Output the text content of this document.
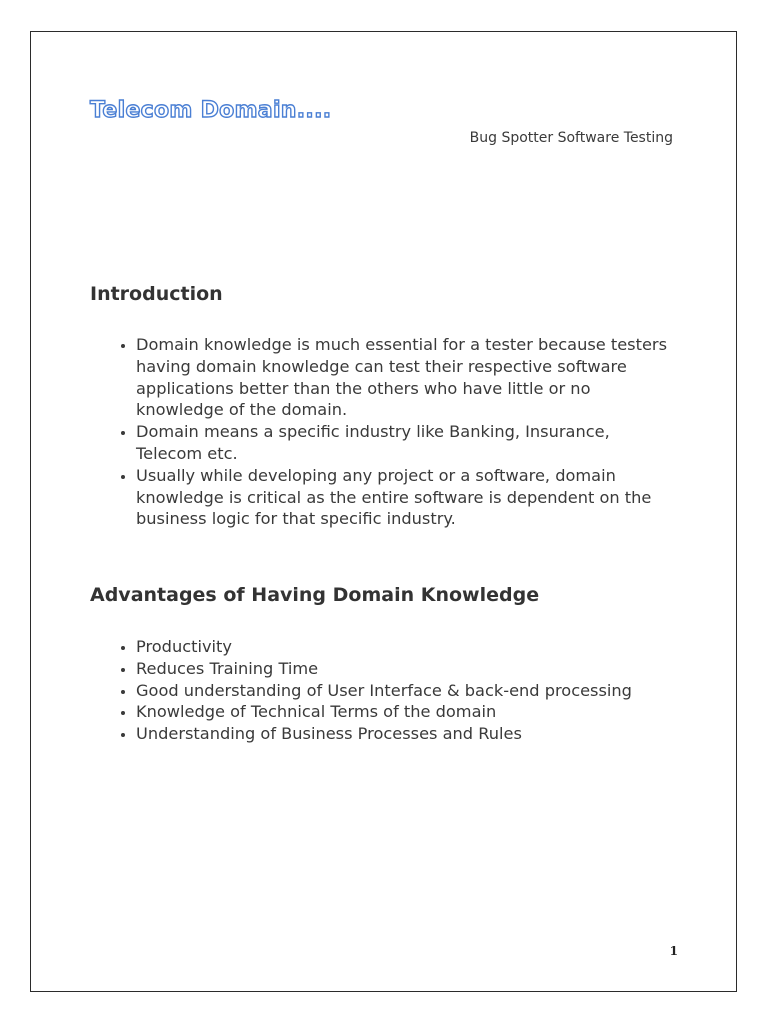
Telecom Domain....
Bug Spotter Software Testing
Introduction
• Domain knowledge is much essential for a tester because testers having domain knowledge can test their respective software applications better than the others who have little or no knowledge of the domain.
• Domain means a specific industry like Banking, Insurance, Telecom etc.
• Usually while developing any project or a software, domain knowledge is critical as the entire software is dependent on the business logic for that specific industry.
Advantages of Having Domain Knowledge
• Productivity
• Reduces Training Time
• Good understanding of User Interface & back-end processing
• Knowledge of Technical Terms of the domain
• Understanding of Business Processes and Rules
1
